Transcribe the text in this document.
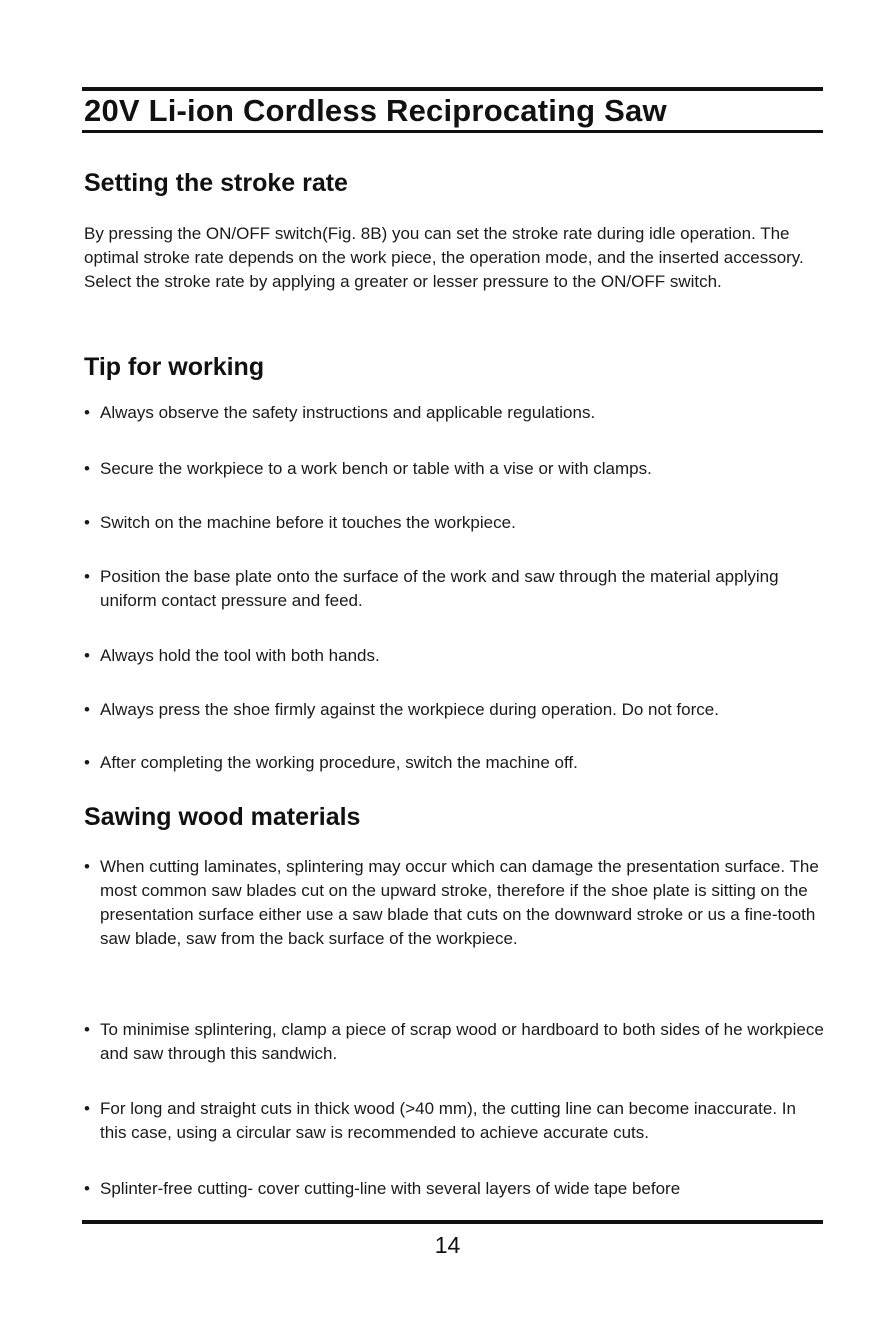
20V Li-ion Cordless Reciprocating Saw
Setting the stroke rate

By pressing the ON/OFF switch(Fig. 8B) you can set the stroke rate during idle operation. The optimal stroke rate depends on the work piece, the operation mode, and the inserted accessory. Select the stroke rate by applying a greater or lesser pressure to the ON/OFF switch.

Tip for working
• Always observe the safety instructions and applicable regulations.
• Secure the workpiece to a work bench or table with a vise or with clamps.
• Switch on the machine before it touches the workpiece.
• Position the base plate onto the surface of the work and saw through the material applying uniform contact pressure and feed.
• Always hold the tool with both hands.
• Always press the shoe firmly against the workpiece during operation. Do not force.
• After completing the working procedure, switch the machine off.
Sawing wood materials
• When cutting laminates, splintering may occur which can damage the presentation surface. The most common saw blades cut on the upward stroke, therefore if the shoe plate is sitting on the presentation surface either use a saw blade that cuts on the downward stroke or us a fine-tooth saw blade, saw from the back surface of the workpiece.
• To minimise splintering, clamp a piece of scrap wood or hardboard to both sides of he workpiece and saw through this sandwich.
• For long and straight cuts in thick wood (>40 mm), the cutting line can become inaccurate. In this case, using a circular saw is recommended to achieve accurate cuts.
• Splinter-free cutting- cover cutting-line with several layers of wide tape before
14
